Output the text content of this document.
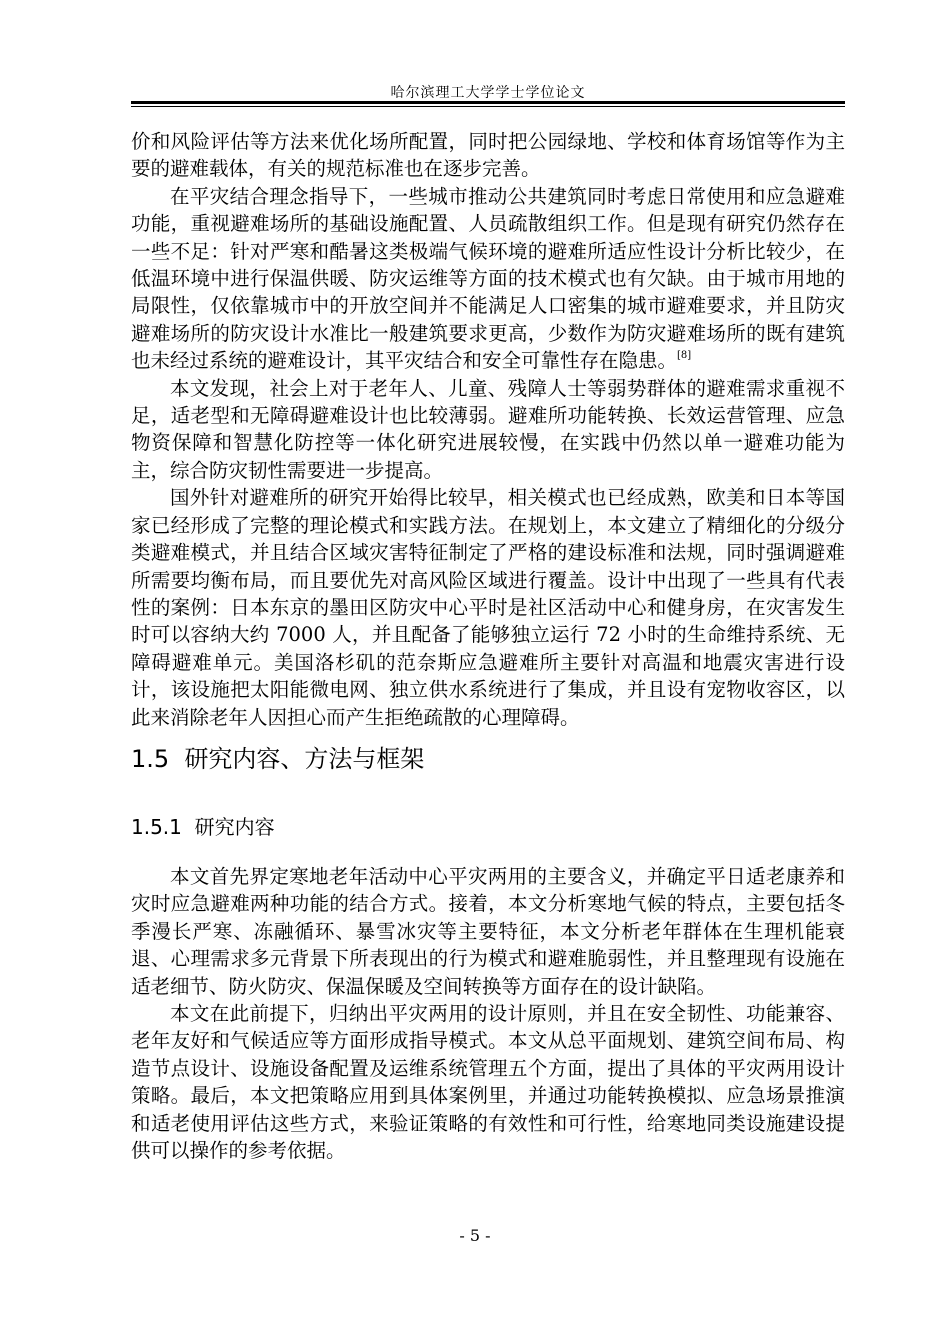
哈尔滨理工大学学士学位论文

价和风险评估等方法来优化场所配置，同时把公园绿地、学校和体育场馆等作为主要的避难载体，有关的规范标准也在逐步完善。

在平灾结合理念指导下，一些城市推动公共建筑同时考虑日常使用和应急避难功能，重视避难场所的基础设施配置、人员疏散组织工作。但是现有研究仍然存在一些不足：针对严寒和酷暑这类极端气候环境的避难所适应性设计分析比较少，在低温环境中进行保温供暖、防灾运维等方面的技术模式也有欠缺。由于城市用地的局限性，仅依靠城市中的开放空间并不能满足人口密集的城市避难要求，并且防灾避难场所的防灾设计水准比一般建筑要求更高，少数作为防灾避难场所的既有建筑也未经过系统的避难设计，其平灾结合和安全可靠性存在隐患。[8]

本文发现，社会上对于老年人、儿童、残障人士等弱势群体的避难需求重视不足，适老型和无障碍避难设计也比较薄弱。避难所功能转换、长效运营管理、应急物资保障和智慧化防控等一体化研究进展较慢，在实践中仍然以单一避难功能为主，综合防灾韧性需要进一步提高。

国外针对避难所的研究开始得比较早，相关模式也已经成熟，欧美和日本等国家已经形成了完整的理论模式和实践方法。在规划上，本文建立了精细化的分级分类避难模式，并且结合区域灾害特征制定了严格的建设标准和法规，同时强调避难所需要均衡布局，而且要优先对高风险区域进行覆盖。设计中出现了一些具有代表性的案例：日本东京的墨田区防灾中心平时是社区活动中心和健身房，在灾害发生时可以容纳大约 7000 人，并且配备了能够独立运行 72 小时的生命维持系统、无障碍避难单元。美国洛杉矶的范奈斯应急避难所主要针对高温和地震灾害进行设计，该设施把太阳能微电网、独立供水系统进行了集成，并且设有宠物收容区，以此来消除老年人因担心而产生拒绝疏散的心理障碍。

1.5 研究内容、方法与框架
1.5.1 研究内容

本文首先界定寒地老年活动中心平灾两用的主要含义，并确定平日适老康养和灾时应急避难两种功能的结合方式。接着，本文分析寒地气候的特点，主要包括冬季漫长严寒、冻融循环、暴雪冰灾等主要特征，本文分析老年群体在生理机能衰退、心理需求多元背景下所表现出的行为模式和避难脆弱性，并且整理现有设施在适老细节、防火防灾、保温保暖及空间转换等方面存在的设计缺陷。

本文在此前提下，归纳出平灾两用的设计原则，并且在安全韧性、功能兼容、老年友好和气候适应等方面形成指导模式。本文从总平面规划、建筑空间布局、构造节点设计、设施设备配置及运维系统管理五个方面，提出了具体的平灾两用设计策略。最后，本文把策略应用到具体案例里，并通过功能转换模拟、应急场景推演和适老使用评估这些方式，来验证策略的有效性和可行性，给寒地同类设施建设提供可以操作的参考依据。

- 5 -
